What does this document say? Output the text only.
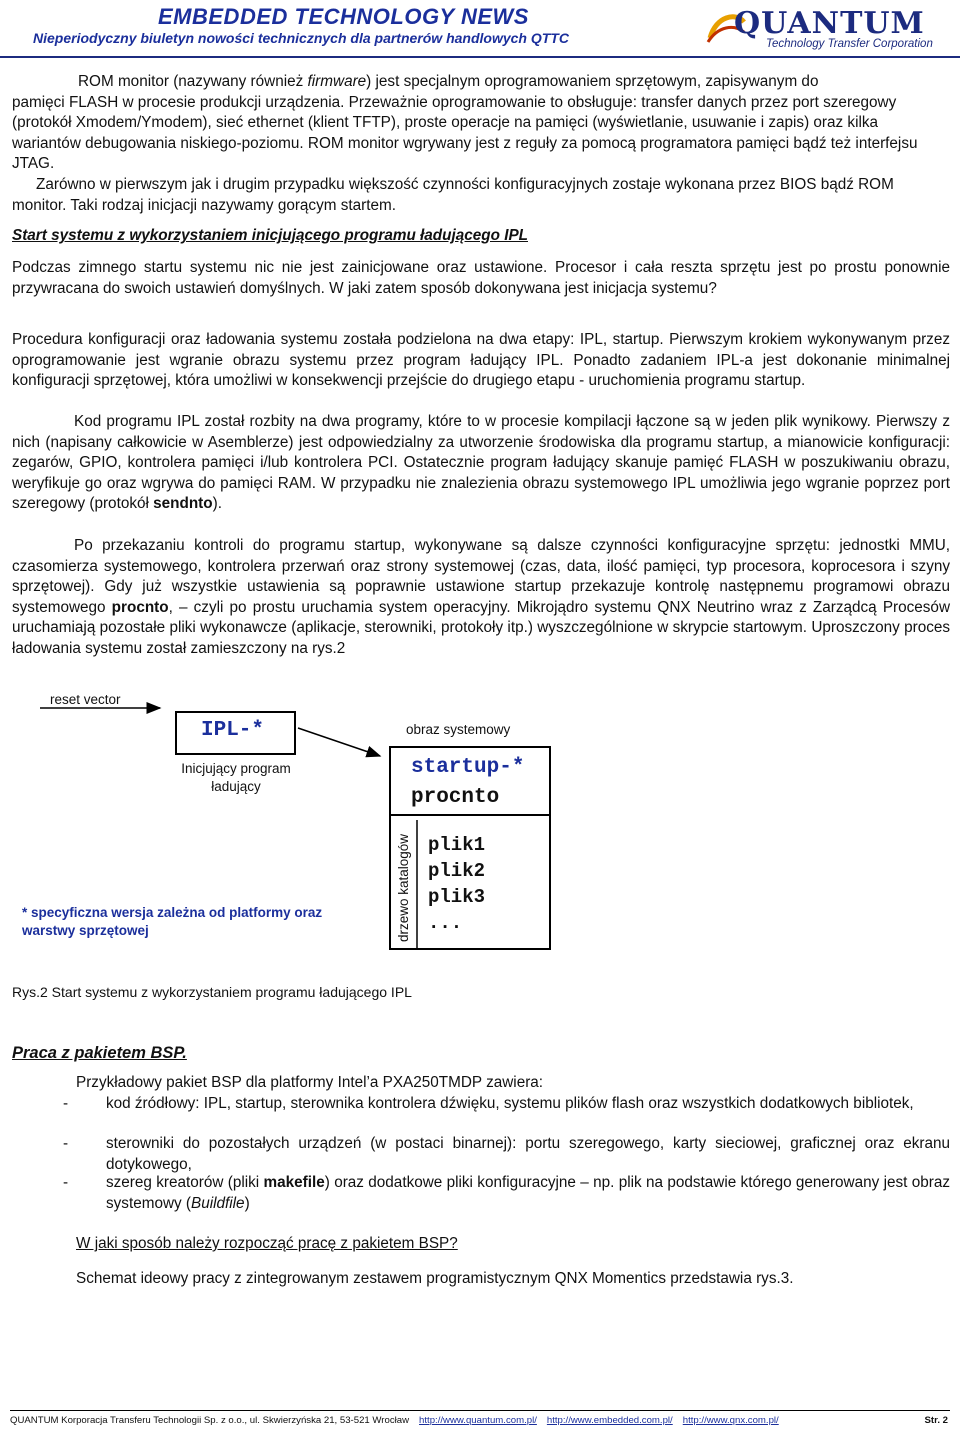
EMBEDDED TECHNOLOGY NEWS
Nieperiodyczny biuletyn nowości technicznych dla partnerów handlowych QTTC	QUANTUM
Technology Transfer Corporation

ROM monitor (nazywany również firmware) jest specjalnym oprogramowaniem sprzętowym, zapisywanym do

pamięci FLASH w procesie produkcji urządzenia. Przeważnie oprogramowanie to obsługuje: transfer danych przez port szeregowy (protokół Xmodem/Ymodem), sieć ethernet (klient TFTP), proste operacje na pamięci (wyświetlanie, usuwanie i zapis) oraz kilka wariantów debugowania niskiego-poziomu. ROM monitor wgrywany jest z reguły za pomocą programatora pamięci bądź też interfejsu JTAG.

Zarówno w pierwszym jak i drugim przypadku większość czynności konfiguracyjnych zostaje wykonana przez BIOS bądź ROM monitor. Taki rodzaj inicjacji nazywamy gorącym startem.

Start systemu z wykorzystaniem inicjującego programu ładującego IPL

Podczas zimnego startu systemu nic nie jest zainicjowane oraz ustawione. Procesor i cała reszta sprzętu jest po prostu ponownie przywracana do swoich ustawień domyślnych. W jaki zatem sposób dokonywana jest inicjacja systemu?

Procedura konfiguracji oraz ładowania systemu została podzielona na dwa etapy: IPL, startup. Pierwszym krokiem wykonywanym przez oprogramowanie jest wgranie obrazu systemu przez program ładujący IPL. Ponadto zadaniem IPL-a jest dokonanie minimalnej konfiguracji sprzętowej, która umożliwi w konsekwencji przejście do drugiego etapu - uruchomienia programu startup.

Kod programu IPL został rozbity na dwa programy, które to w procesie kompilacji łączone są w jeden plik wynikowy. Pierwszy z nich (napisany całkowicie w Asemblerze) jest odpowiedzialny za utworzenie środowiska dla programu startup, a mianowicie konfiguracji: zegarów, GPIO, kontrolera pamięci i/lub kontrolera PCI. Ostatecznie program ładujący skanuje pamięć FLASH w poszukiwaniu obrazu, weryfikuje go oraz wgrywa do pamięci RAM. W przypadku nie znalezienia obrazu systemowego IPL umożliwia jego wgranie poprzez port szeregowy (protokół sendnto).

Po przekazaniu kontroli do programu startup, wykonywane są dalsze czynności konfiguracyjne sprzętu: jednostki MMU, czasomierza systemowego, kontrolera przerwań oraz strony systemowej (czas, data, ilość pamięci, typ procesora, koprocesora i szyny sprzętowej). Gdy już wszystkie ustawienia są poprawnie ustawione startup przekazuje kontrolę następnemu programowi obrazu systemowego procnto, – czyli po prostu uruchamia system operacyjny. Mikrojądro systemu QNX Neutrino wraz z Zarządcą Procesów uruchamiają pozostałe pliki wykonawcze (aplikacje, sterowniki, protokoły itp.) wyszczególnione w skrypcie startowym. Uproszczony proces ładowania systemu został zamieszczony na rys.2

reset vector
IPL-*
Inicjujący program
ładujący
obraz systemowy
startup-*
procnto
drzewo katalogów plik1
plik2
plik3
...
* specyficzna wersja zależna od platformy oraz
warstwy sprzętowej
Rys.2 Start systemu z wykorzystaniem programu ładującego IPL
Praca z pakietem BSP.

Przykładowy pakiet BSP dla platformy Intel’a PXA250TMDP zawiera:

- kod źródłowy: IPL, startup, sterownika kontrolera dźwięku, systemu plików flash oraz wszystkich dodatkowych bibliotek,
- sterowniki do pozostałych urządzeń (w postaci binarnej): portu szeregowego, karty sieciowej, graficznej oraz ekranu dotykowego,
- szereg kreatorów (pliki makefile) oraz dodatkowe pliki konfiguracyjne – np. plik na podstawie którego generowany jest obraz systemowy (Buildfile)
W jaki sposób należy rozpocząć pracę z pakietem BSP?

Schemat ideowy pracy z zintegrowanym zestawem programistycznym QNX Momentics przedstawia rys.3.

QUANTUM Korporacja Transferu Technologii Sp. z o.o., ul. Skwierzyńska 21, 53-521 Wrocław http://www.quantum.com.pl/ http://www.embedded.com.pl/ http://www.qnx.com.pl/	Str. 2
